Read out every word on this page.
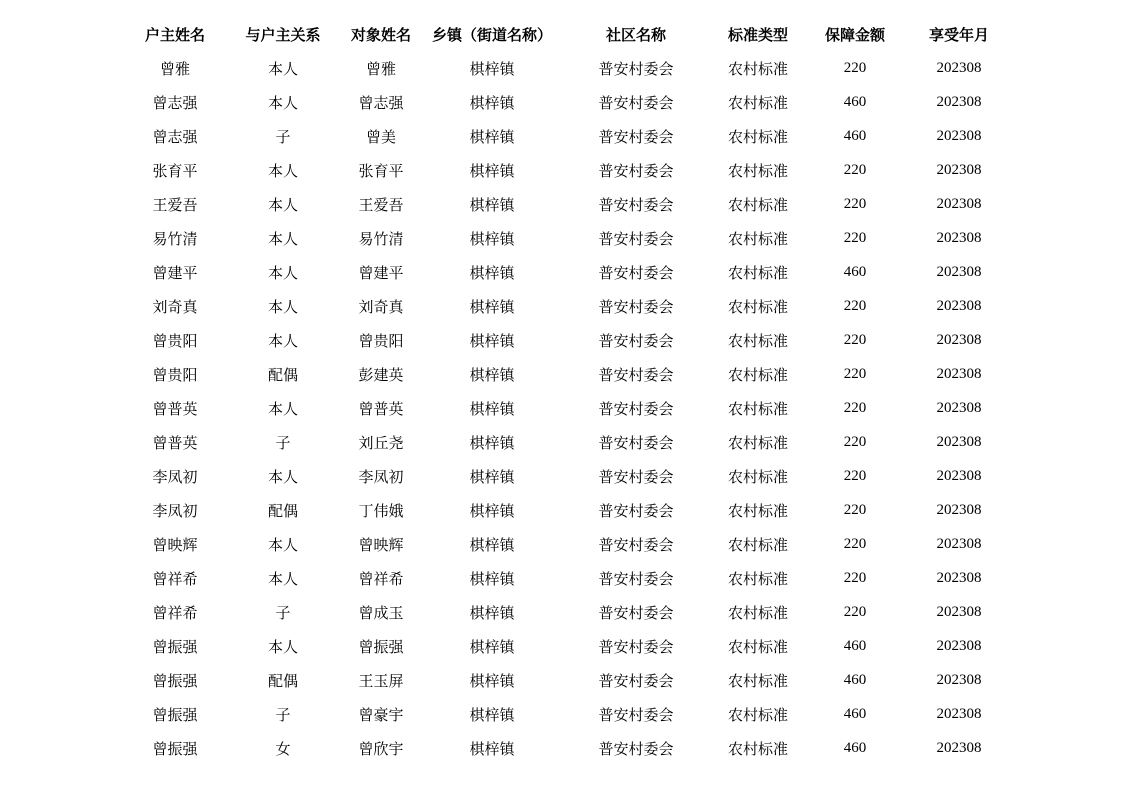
户主姓名	与户主关系	对象姓名	乡镇（街道名称）	社区名称	标准类型	保障金额	享受年月
曾雅	本人	曾雅	棋梓镇	普安村委会	农村标准	220	202308
曾志强	本人	曾志强	棋梓镇	普安村委会	农村标准	460	202308
曾志强	子	曾美	棋梓镇	普安村委会	农村标准	460	202308
张育平	本人	张育平	棋梓镇	普安村委会	农村标准	220	202308
王爱吾	本人	王爱吾	棋梓镇	普安村委会	农村标准	220	202308
易竹清	本人	易竹清	棋梓镇	普安村委会	农村标准	220	202308
曾建平	本人	曾建平	棋梓镇	普安村委会	农村标准	460	202308
刘奇真	本人	刘奇真	棋梓镇	普安村委会	农村标准	220	202308
曾贵阳	本人	曾贵阳	棋梓镇	普安村委会	农村标准	220	202308
曾贵阳	配偶	彭建英	棋梓镇	普安村委会	农村标准	220	202308
曾普英	本人	曾普英	棋梓镇	普安村委会	农村标准	220	202308
曾普英	子	刘丘尧	棋梓镇	普安村委会	农村标准	220	202308
李凤初	本人	李凤初	棋梓镇	普安村委会	农村标准	220	202308
李凤初	配偶	丁伟娥	棋梓镇	普安村委会	农村标准	220	202308
曾映辉	本人	曾映辉	棋梓镇	普安村委会	农村标准	220	202308
曾祥希	本人	曾祥希	棋梓镇	普安村委会	农村标准	220	202308
曾祥希	子	曾成玉	棋梓镇	普安村委会	农村标准	220	202308
曾振强	本人	曾振强	棋梓镇	普安村委会	农村标准	460	202308
曾振强	配偶	王玉屏	棋梓镇	普安村委会	农村标准	460	202308
曾振强	子	曾豪宇	棋梓镇	普安村委会	农村标准	460	202308
曾振强	女	曾欣宇	棋梓镇	普安村委会	农村标准	460	202308
